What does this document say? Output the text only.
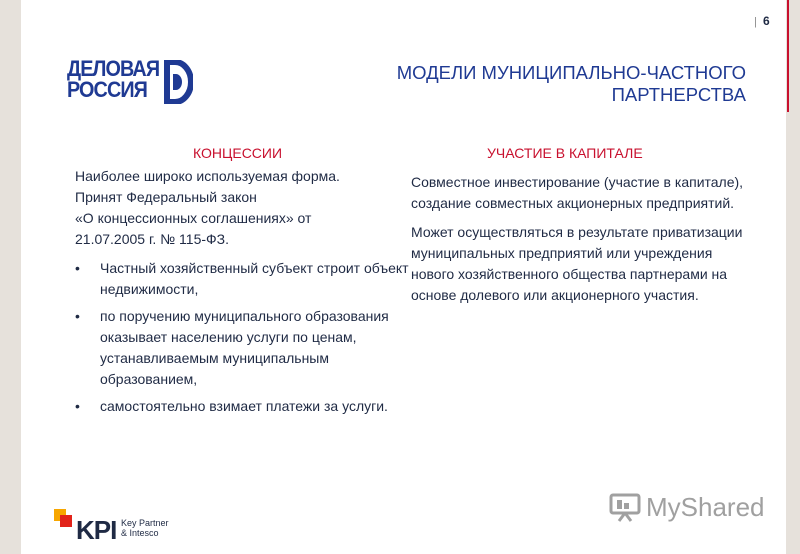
| 6
ДЕЛОВАЯ
РОССИЯ
МОДЕЛИ МУНИЦИПАЛЬНО-ЧАСТНОГО
ПАРТНЕРСТВА
КОНЦЕССИИ	УЧАСТИЕ В КАПИТАЛЕ
Наиболее широко используемая форма.
Принят Федеральный закон
«О концессионных соглашениях» от
21.07.2005 г. № 115-ФЗ.
• Частный хозяйственный субъект строит объект недвижимости,
• по поручению муниципального образования оказывает населению услуги по ценам, устанавливаемым муниципальным образованием,
• самостоятельно взимает платежи за услуги.

Совместное инвестирование (участие в капитале), создание совместных акционерных предприятий.

Может осуществляться в результате приватизации муниципальных предприятий или учреждения нового хозяйственного общества партнерами на основе долевого или акционерного участия.

KPI Key Partner
& Intesco
MyShared
